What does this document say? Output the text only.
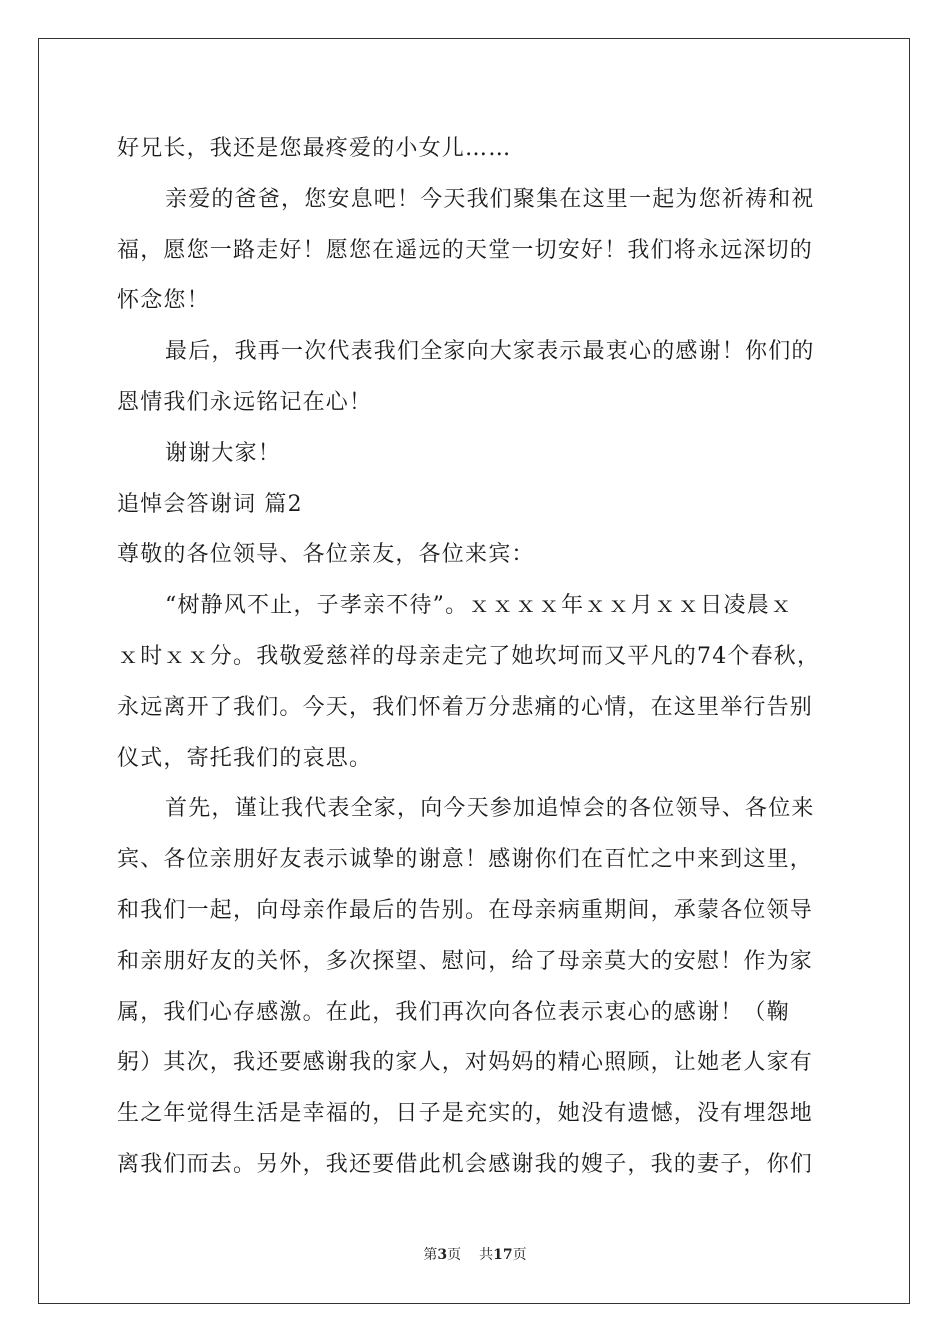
好兄长，我还是您最疼爱的小女儿……
亲爱的爸爸，您安息吧！今天我们聚集在这里一起为您祈祷和祝
福，愿您一路走好！愿您在遥远的天堂一切安好！我们将永远深切的
怀念您！
最后，我再一次代表我们全家向大家表示最衷心的感谢！你们的
恩情我们永远铭记在心！
谢谢大家！
追悼会答谢词 篇2
尊敬的各位领导、各位亲友，各位来宾：
“树静风不止，子孝亲不待”。ｘｘｘｘ年ｘｘ月ｘｘ日凌晨ｘ
ｘ时ｘｘ分。我敬爱慈祥的母亲走完了她坎坷而又平凡的74个春秋，
永远离开了我们。今天，我们怀着万分悲痛的心情，在这里举行告别
仪式，寄托我们的哀思。
首先，谨让我代表全家，向今天参加追悼会的各位领导、各位来
宾、各位亲朋好友表示诚挚的谢意！感谢你们在百忙之中来到这里，
和我们一起，向母亲作最后的告别。在母亲病重期间，承蒙各位领导
和亲朋好友的关怀，多次探望、慰问，给了母亲莫大的安慰！作为家
属，我们心存感激。在此，我们再次向各位表示衷心的感谢！（鞠
躬）其次，我还要感谢我的家人，对妈妈的精心照顾，让她老人家有
生之年觉得生活是幸福的，日子是充实的，她没有遗憾，没有埋怨地
离我们而去。另外，我还要借此机会感谢我的嫂子，我的妻子，你们
第3页 共17页
